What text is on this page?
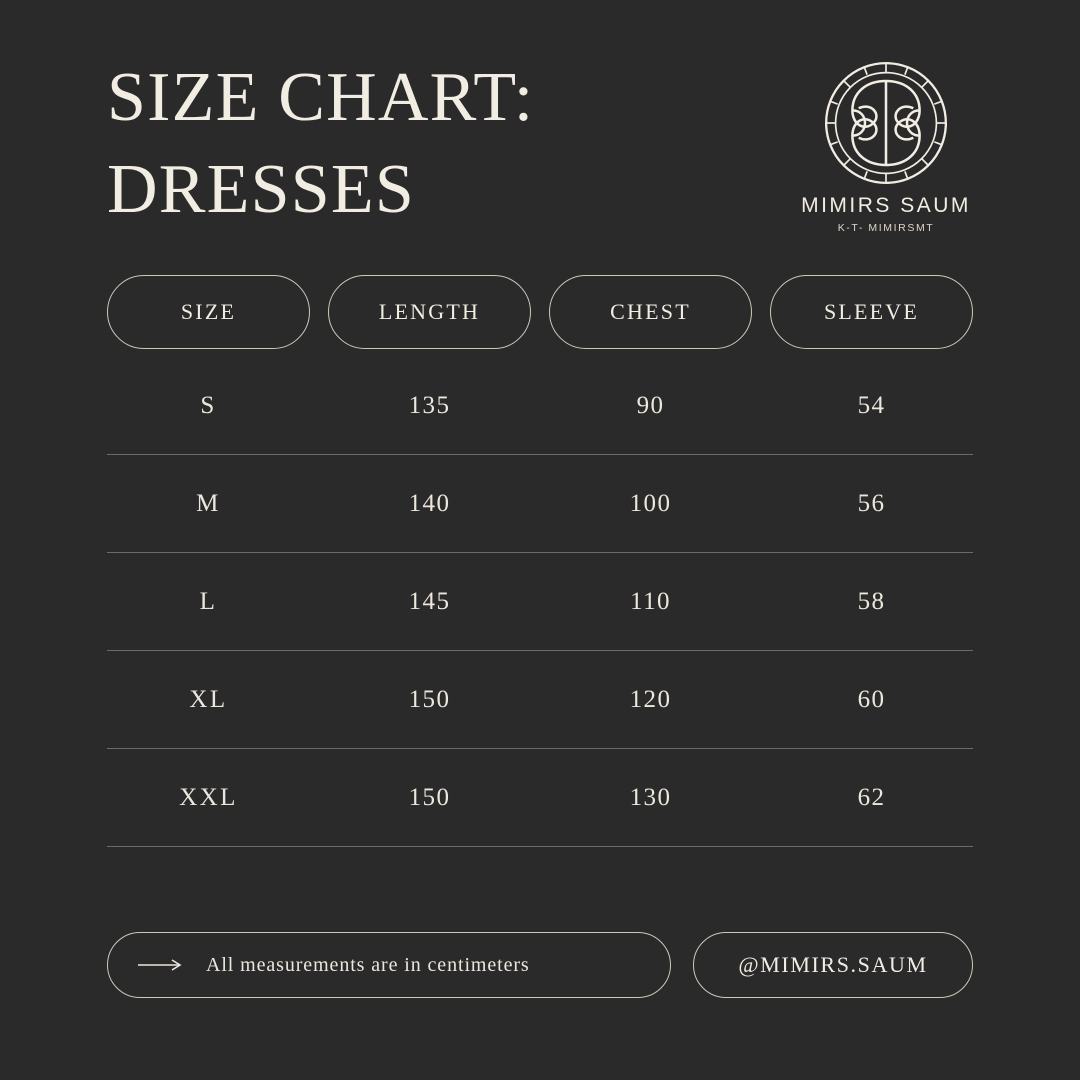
SIZE CHART:
DRESSES	MIMIRS SAUM
K-T- MIMIRSMT
SIZE	LENGTH	CHEST	SLEEVE
S	135	90	54
M	140	100	56
L	145	110	58
XL	150	120	60
XXL	150	130	62
All measurements are in centimeters	@MIMIRS.SAUM
